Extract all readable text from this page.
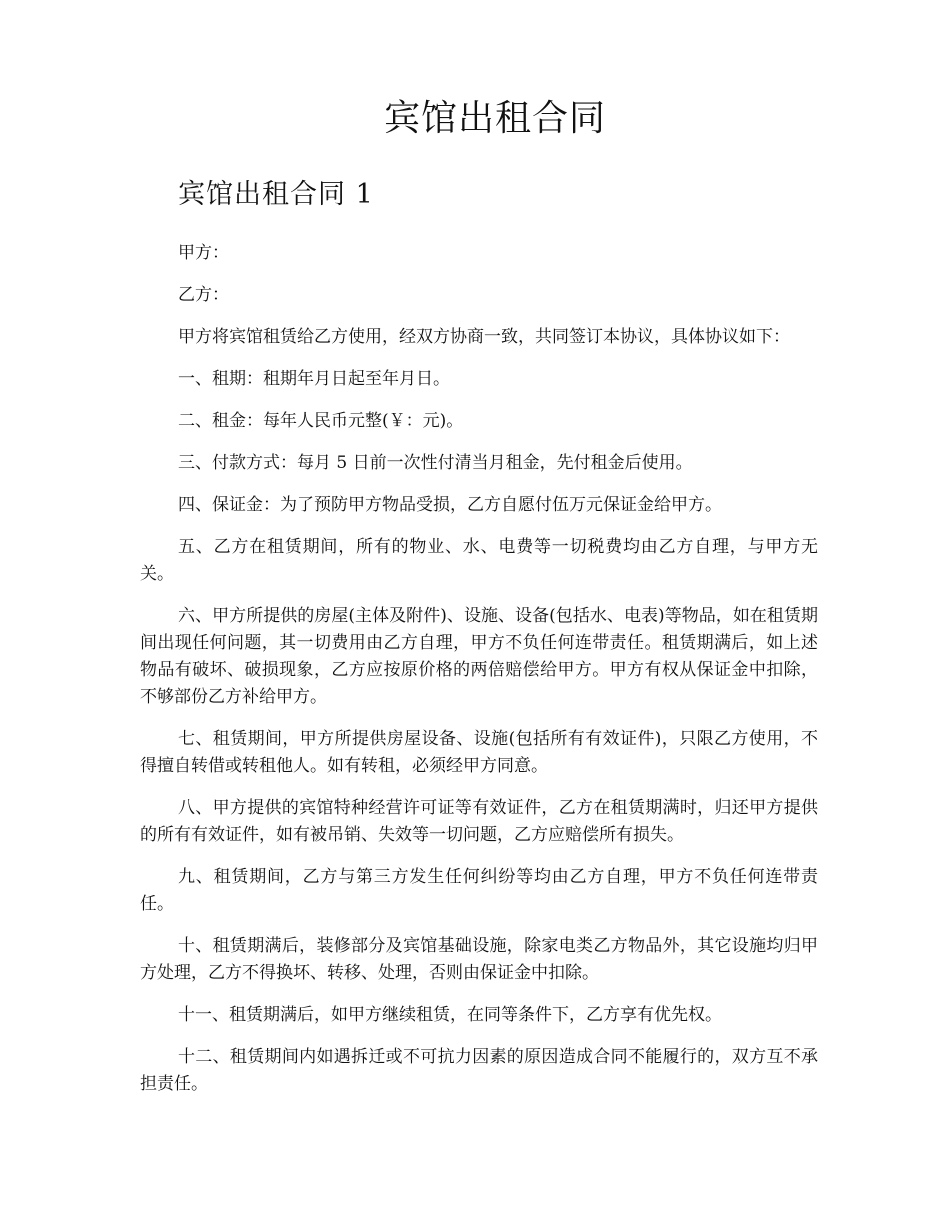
宾馆出租合同
宾馆出租合同 1

甲方：

乙方：

甲方将宾馆租赁给乙方使用，经双方协商一致，共同签订本协议，具体协议如下：

一、租期：租期年月日起至年月日。

二、租金：每年人民币元整(￥：元)。

三、付款方式：每月 5 日前一次性付清当月租金，先付租金后使用。

四、保证金：为了预防甲方物品受损，乙方自愿付伍万元保证金给甲方。

五、乙方在租赁期间，所有的物业、水、电费等一切税费均由乙方自理，与甲方无关。

六、甲方所提供的房屋(主体及附件)、设施、设备(包括水、电表)等物品，如在租赁期间出现任何问题，其一切费用由乙方自理，甲方不负任何连带责任。租赁期满后，如上述物品有破坏、破损现象，乙方应按原价格的两倍赔偿给甲方。甲方有权从保证金中扣除，不够部份乙方补给甲方。

七、租赁期间，甲方所提供房屋设备、设施(包括所有有效证件)，只限乙方使用，不得擅自转借或转租他人。如有转租，必须经甲方同意。

八、甲方提供的宾馆特种经营许可证等有效证件，乙方在租赁期满时，归还甲方提供的所有有效证件，如有被吊销、失效等一切问题，乙方应赔偿所有损失。

九、租赁期间，乙方与第三方发生任何纠纷等均由乙方自理，甲方不负任何连带责任。

十、租赁期满后，装修部分及宾馆基础设施，除家电类乙方物品外，其它设施均归甲方处理，乙方不得换坏、转移、处理，否则由保证金中扣除。

十一、租赁期满后，如甲方继续租赁，在同等条件下，乙方享有优先权。

十二、租赁期间内如遇拆迁或不可抗力因素的原因造成合同不能履行的，双方互不承担责任。
